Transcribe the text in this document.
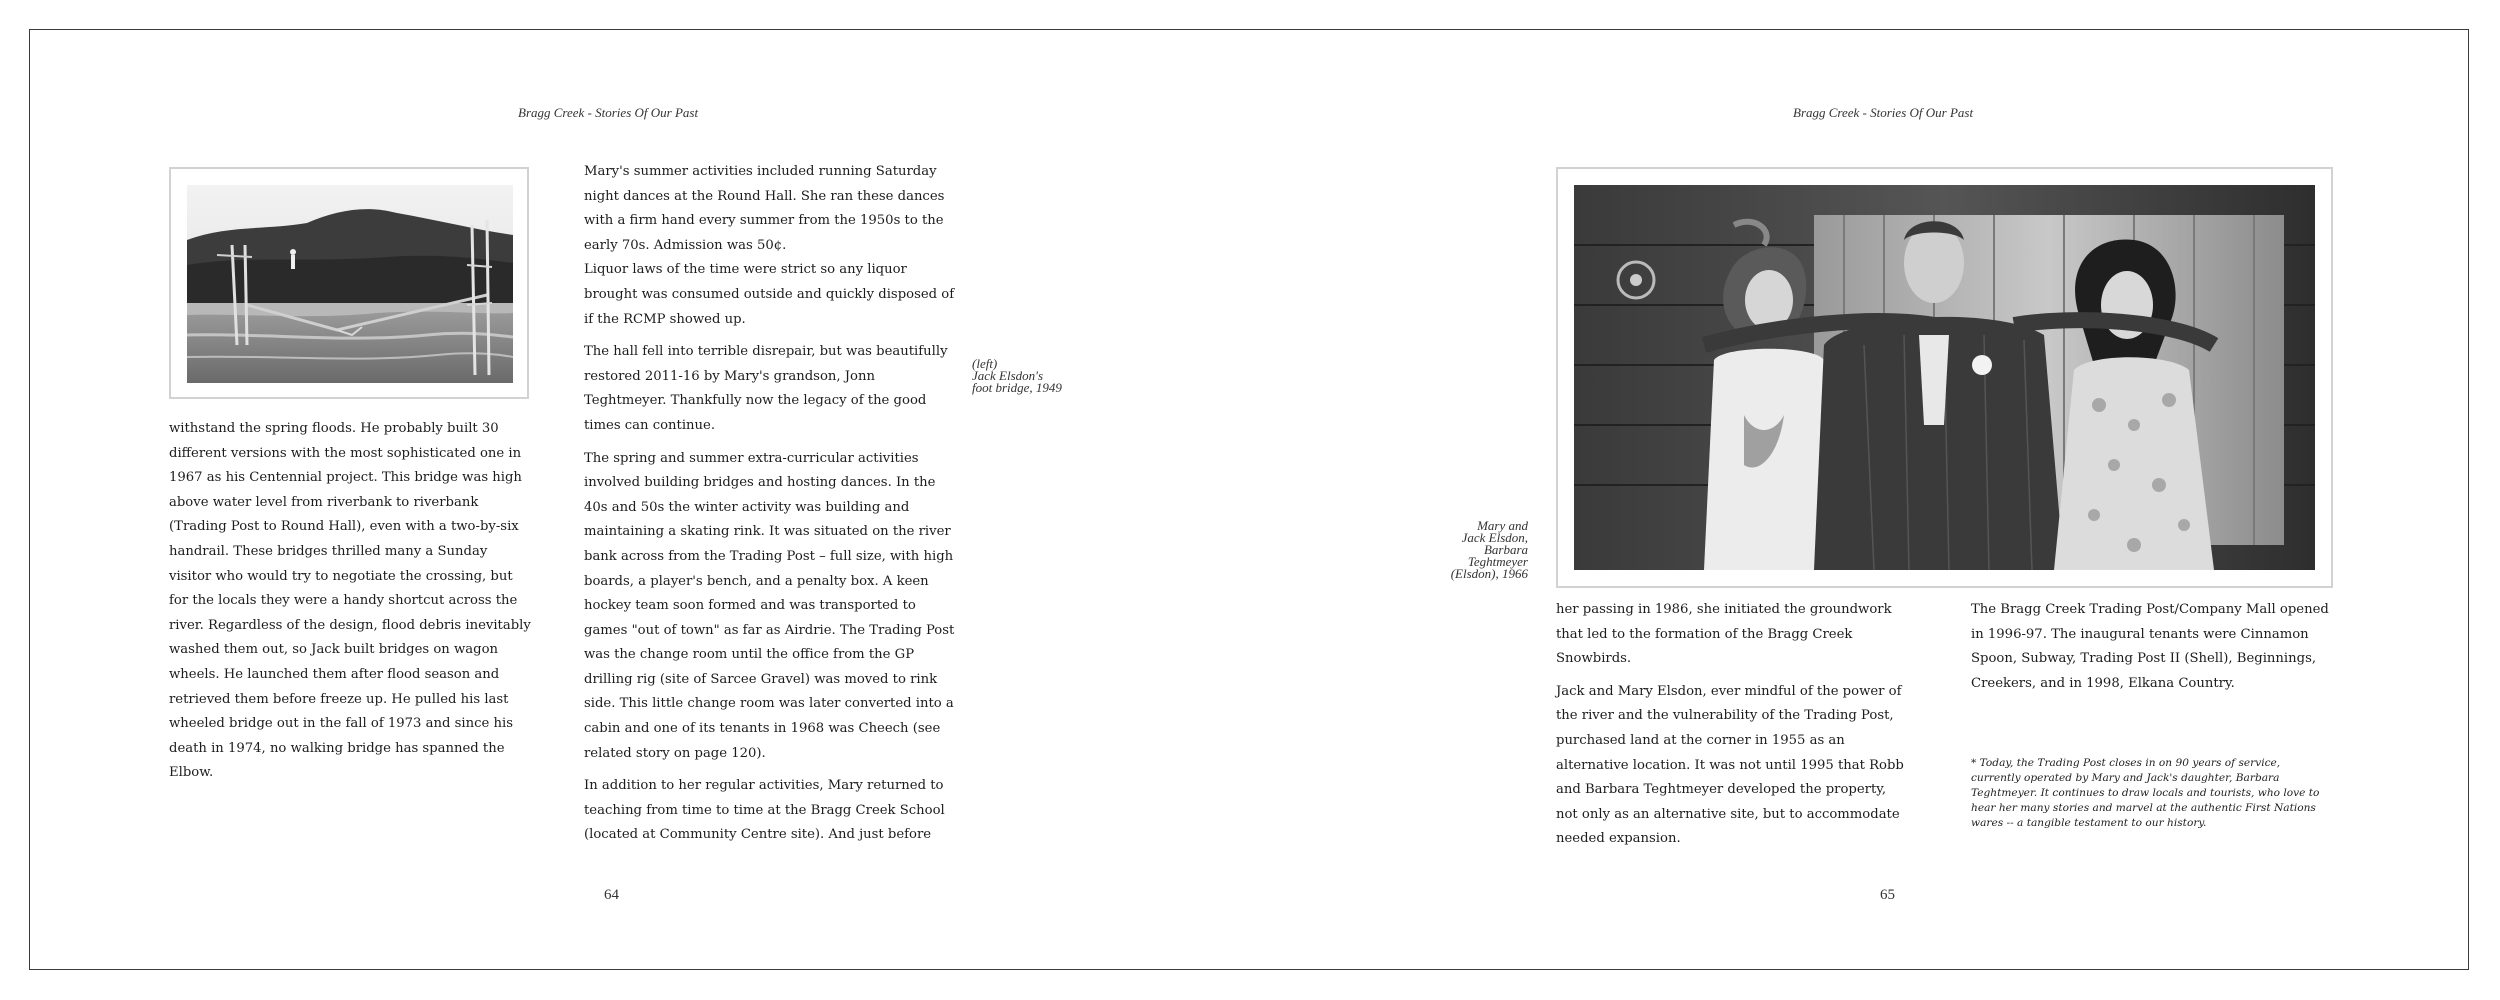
Bragg Creek - Stories Of Our Past	Bragg Creek - Stories Of Our Past
(left)
Jack Elsdon's
foot bridge, 1949

withstand the spring floods. He probably built 30 different versions with the most sophisticated one in 1967 as his Centennial project. This bridge was high above water level from riverbank to riverbank (Trading Post to Round Hall), even with a two-by-six handrail. These bridges thrilled many a Sunday visitor who would try to negotiate the crossing, but for the locals they were a handy shortcut across the river. Regardless of the design, flood debris inevitably washed them out, so Jack built bridges on wagon wheels. He launched them after flood season and retrieved them before freeze up. He pulled his last wheeled bridge out in the fall of 1973 and since his death in 1974, no walking bridge has spanned the Elbow.

Mary's summer activities included running Saturday night dances at the Round Hall. She ran these dances with a firm hand every summer from the 1950s to the early 70s. Admission was 50¢.

Liquor laws of the time were strict so any liquor brought was consumed outside and quickly disposed of if the RCMP showed up.

The hall fell into terrible disrepair, but was beautifully restored 2011-16 by Mary's grandson, Jonn Teghtmeyer. Thankfully now the legacy of the good times can continue.

The spring and summer extra-curricular activities involved building bridges and hosting dances. In the 40s and 50s the winter activity was building and maintaining a skating rink. It was situated on the river bank across from the Trading Post – full size, with high boards, a player's bench, and a penalty box. A keen hockey team soon formed and was transported to games "out of town" as far as Airdrie. The Trading Post was the change room until the office from the GP drilling rig (site of Sarcee Gravel) was moved to rink side. This little change room was later converted into a cabin and one of its tenants in 1968 was Cheech (see related story on page 120).

In addition to her regular activities, Mary returned to teaching from time to time at the Bragg Creek School (located at Community Centre site). And just before

64
Mary and
Jack Elsdon,
Barbara
Teghtmeyer
(Elsdon), 1966

her passing in 1986, she initiated the groundwork that led to the formation of the Bragg Creek Snowbirds.

Jack and Mary Elsdon, ever mindful of the power of the river and the vulnerability of the Trading Post, purchased land at the corner in 1955 as an alternative location. It was not until 1995 that Robb and Barbara Teghtmeyer developed the property, not only as an alternative site, but to accommodate needed expansion.

The Bragg Creek Trading Post/Company Mall opened in 1996-97. The inaugural tenants were Cinnamon Spoon, Subway, Trading Post II (Shell), Beginnings, Creekers, and in 1998, Elkana Country.

* Today, the Trading Post closes in on 90 years of service, currently operated by Mary and Jack's daughter, Barbara Teghtmeyer. It continues to draw locals and tourists, who love to hear her many stories and marvel at the authentic First Nations wares -- a tangible testament to our history.
65
